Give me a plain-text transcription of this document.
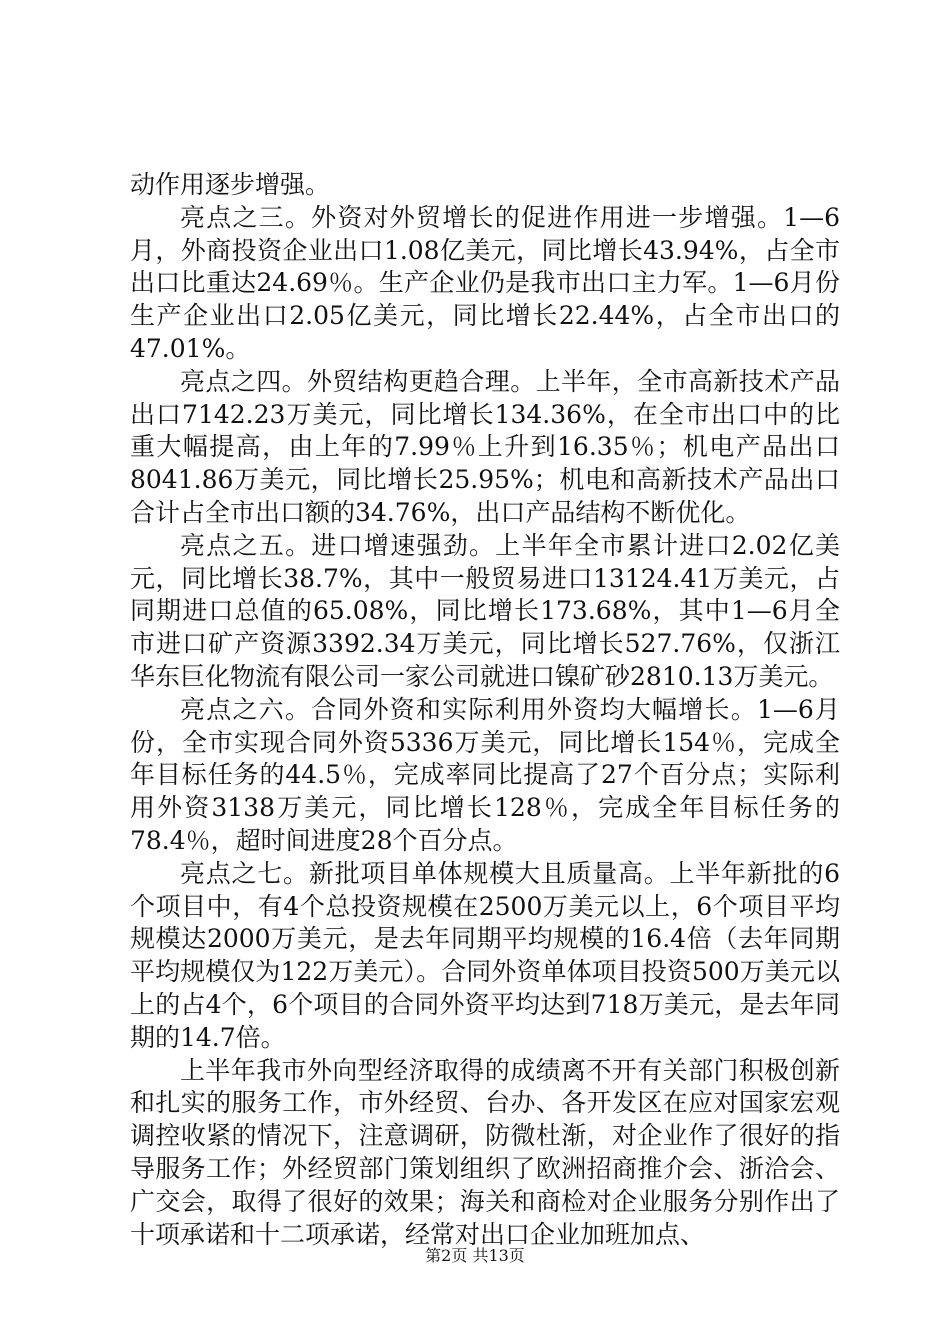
动作用逐步增强。

亮点之三。外资对外贸增长的促进作用进一步增强。1—6月，外商投资企业出口1.08亿美元，同比增长43.94%，占全市出口比重达24.69％。生产企业仍是我市出口主力军。1—6月份生产企业出口2.05亿美元，同比增长22.44%，占全市出口的47.01%。

亮点之四。外贸结构更趋合理。上半年，全市高新技术产品出口7142.23万美元，同比增长134.36%，在全市出口中的比重大幅提高，由上年的7.99％上升到16.35％；机电产品出口8041.86万美元，同比增长25.95%；机电和高新技术产品出口合计占全市出口额的34.76%，出口产品结构不断优化。

亮点之五。进口增速强劲。上半年全市累计进口2.02亿美元，同比增长38.7%，其中一般贸易进口13124.41万美元，占同期进口总值的65.08%，同比增长173.68%，其中1—6月全市进口矿产资源3392.34万美元，同比增长527.76%，仅浙江华东巨化物流有限公司一家公司就进口镍矿砂2810.13万美元。

亮点之六。合同外资和实际利用外资均大幅增长。1—6月份，全市实现合同外资5336万美元，同比增长154％，完成全年目标任务的44.5％，完成率同比提高了27个百分点；实际利用外资3138万美元，同比增长128％，完成全年目标任务的78.4％，超时间进度28个百分点。

亮点之七。新批项目单体规模大且质量高。上半年新批的6个项目中，有4个总投资规模在2500万美元以上，6个项目平均规模达2000万美元，是去年同期平均规模的16.4倍（去年同期平均规模仅为122万美元）。合同外资单体项目投资500万美元以上的占4个，6个项目的合同外资平均达到718万美元，是去年同期的14.7倍。

上半年我市外向型经济取得的成绩离不开有关部门积极创新和扎实的服务工作，市外经贸、台办、各开发区在应对国家宏观调控收紧的情况下，注意调研，防微杜渐，对企业作了很好的指导服务工作；外经贸部门策划组织了欧洲招商推介会、浙洽会、广交会，取得了很好的效果；海关和商检对企业服务分别作出了十项承诺和十二项承诺，经常对出口企业加班加点、

第2页 共13页
